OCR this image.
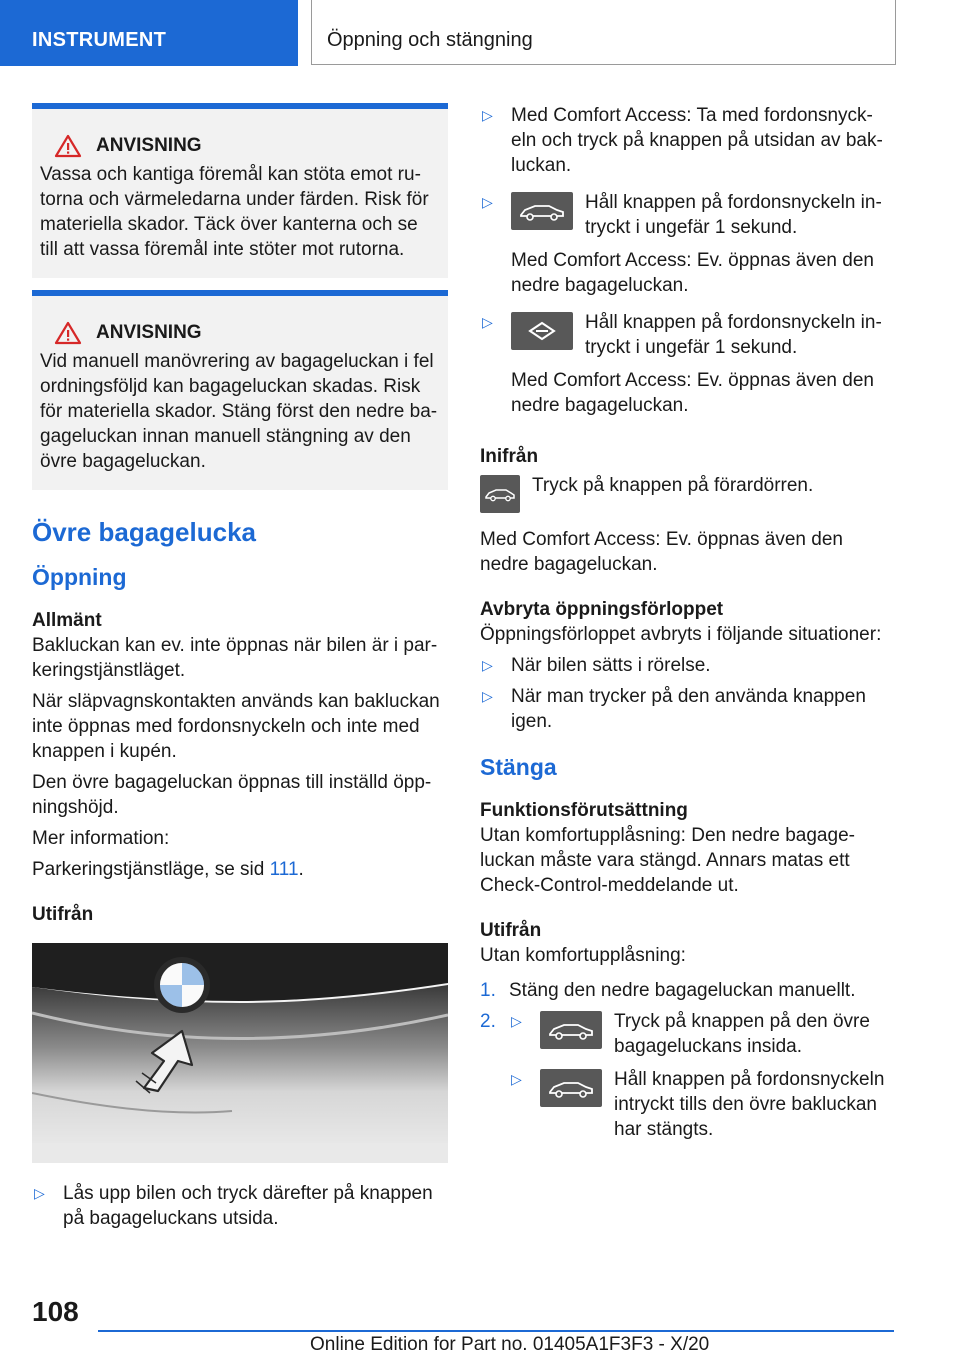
INSTRUMENT	Öppning och stängning
ANVISNING

Vassa och kantiga föremål kan stöta emot ru-torna och värmeledarna under färden. Risk för materiella skador. Täck över kanterna och se till att vassa föremål inte stöter mot rutorna.

ANVISNING

Vid manuell manövrering av bagageluckan i fel ordningsföljd kan bagageluckan skadas. Risk för materiella skador. Stäng först den nedre ba-gageluckan innan manuell stängning av den övre bagageluckan.

Övre bagagelucka
Öppning
Allmänt

Bakluckan kan ev. inte öppnas när bilen är i par-keringstjänstläget.

När släpvagnskontakten används kan bakluckan inte öppnas med fordonsnyckeln och inte med knappen i kupén.

Den övre bagageluckan öppnas till inställd öpp-ningshöjd.

Mer information:

Parkeringstjänstläge, se sid 111.

Utifrån
▷ Lås upp bilen och tryck därefter på knappen på bagageluckans utsida.
▷ Med Comfort Access: Ta med fordonsnyck-eln och tryck på knappen på utsidan av bak-luckan.
▷	Håll knappen på fordonsnyckeln in-tryckt i ungefär 1 sekund.

Med Comfort Access: Ev. öppnas även den nedre bagageluckan.

▷	Håll knappen på fordonsnyckeln in-tryckt i ungefär 1 sekund.

Med Comfort Access: Ev. öppnas även den nedre bagageluckan.

Inifrån
Tryck på knappen på förardörren.

Med Comfort Access: Ev. öppnas även den nedre bagageluckan.

Avbryta öppningsförloppet

Öppningsförloppet avbryts i följande situationer:

▷ När bilen sätts i rörelse.
▷ När man trycker på den använda knappen igen.
Stänga
Funktionsförutsättning

Utan komfortupplåsning: Den nedre bagage-luckan måste vara stängd. Annars matas ett Check-Control-meddelande ut.

Utifrån

Utan komfortupplåsning:

1. Stäng den nedre bagageluckan manuellt.
2.	▷	Tryck på knappen på den övre bagageluckans insida.
▷	Håll knappen på fordonsnyckeln intryckt tills den övre bakluckan har stängts.
108
Online Edition for Part no. 01405A1F3F3 - X/20
